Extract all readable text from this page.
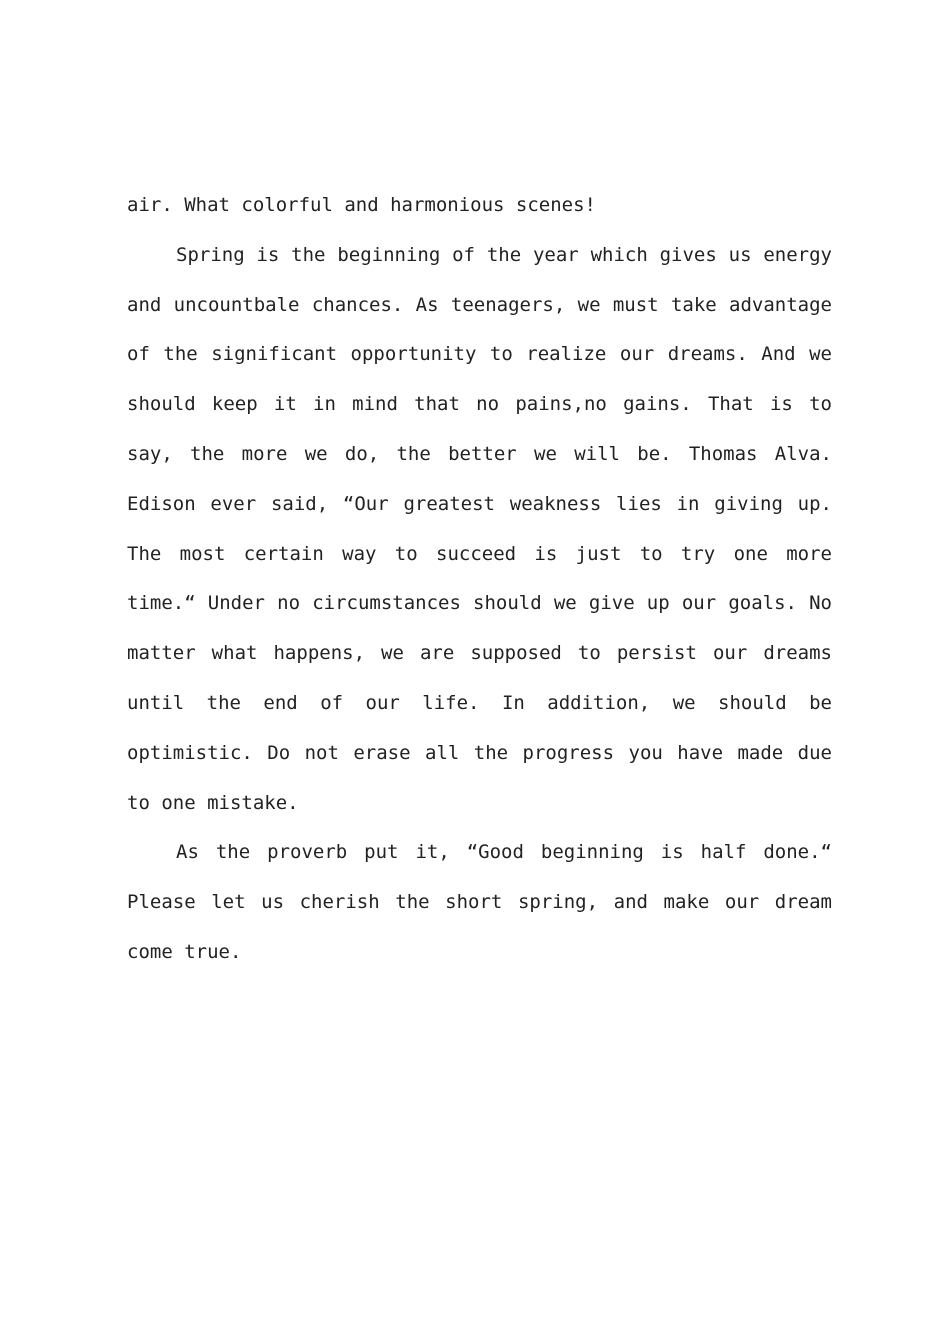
air. What colorful and harmonious scenes!

Spring is the beginning of the year which gives us energy and uncountbale chances. As teenagers, we must take advantage of the significant opportunity to realize our dreams. And we should keep it in mind that no pains,no gains. That is to say, the more we do, the better we will be. Thomas Alva. Edison ever said, “Our greatest weakness lies in giving up. The most certain way to succeed is just to try one more time.“ Under no circumstances should we give up our goals. No matter what happens, we are supposed to persist our dreams until the end of our life. In addition, we should be optimistic. Do not erase all the progress you have made due to one mistake.

As the proverb put it, “Good beginning is half done.“ Please let us cherish the short spring, and make our dream come true.
